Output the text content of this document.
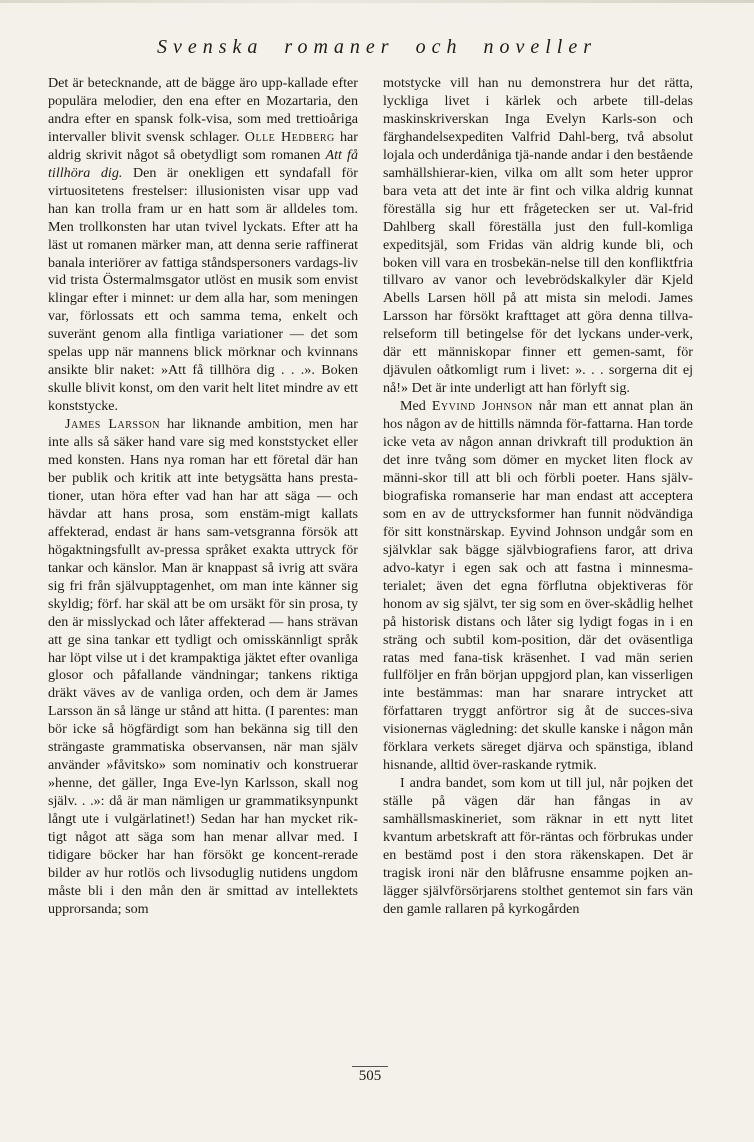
Svenska romaner och noveller

Det är betecknande, att de bägge äro upp-kallade efter populära melodier, den ena efter en Mozartaria, den andra efter en spansk folk-visa, som med trettioåriga intervaller blivit svensk schlager. Olle Hedberg har aldrig skrivit något så obetydligt som romanen Att få tillhöra dig. Den är onekligen ett syndafall för virtuositetens frestelser: illusionisten visar upp vad han kan trolla fram ur en hatt som är alldeles tom. Men trollkonsten har utan tvivel lyckats. Efter att ha läst ut romanen märker man, att denna serie raffinerat banala interiörer av fattiga ståndspersoners vardags-liv vid trista Östermalmsgator utlöst en musik som envist klingar efter i minnet: ur dem alla har, som meningen var, förlossats ett och samma tema, enkelt och suveränt genom alla fintliga variationer — det som spelas upp när mannens blick mörknar och kvinnans ansikte blir naket: »Att få tillhöra dig . . .». Boken skulle blivit konst, om den varit helt litet mindre av ett konststycke.

James Larsson har liknande ambition, men har inte alls så säker hand vare sig med konststycket eller med konsten. Hans nya roman har ett företal där han ber publik och kritik att inte betygsätta hans presta-tioner, utan höra efter vad han har att säga — och hävdar att hans prosa, som enstäm-migt kallats affekterad, endast är hans sam-vetsgranna försök att högaktningsfullt av-pressa språket exakta uttryck för tankar och känslor. Man är knappast så ivrig att svära sig fri från självupptagenhet, om man inte känner sig skyldig; förf. har skäl att be om ursäkt för sin prosa, ty den är misslyckad och låter affekterad — hans strävan att ge sina tankar ett tydligt och omisskännligt språk har löpt vilse ut i det krampaktiga jäktet efter ovanliga glosor och påfallande vändningar; tankens riktiga dräkt väves av de vanliga orden, och dem är James Larsson än så länge ur stånd att hitta. (I parentes: man bör icke så högfärdigt som han bekänna sig till den strängaste grammatiska observansen, när man själv använder »fåvitsko» som nominativ och konstruerar »henne, det gäller, Inga Eve-lyn Karlsson, skall nog själv. . .»: då är man nämligen ur grammatiksynpunkt långt ute i vulgärlatinet!) Sedan har han mycket rik-tigt något att säga som han menar allvar med. I tidigare böcker har han försökt ge koncent-rerade bilder av hur rotlös och livsoduglig nutidens ungdom måste bli i den mån den är smittad av intellektets upprorsanda; som

motstycke vill han nu demonstrera hur det rätta, lyckliga livet i kärlek och arbete till-delas maskinskriverskan Inga Evelyn Karls-son och färghandelsexpediten Valfrid Dahl-berg, två absolut lojala och underdåniga tjä-nande andar i den bestående samhällshierar-kien, vilka om allt som heter uppror bara veta att det inte är fint och vilka aldrig kunnat föreställa sig hur ett frågetecken ser ut. Val-frid Dahlberg skall föreställa just den full-komliga expeditsjäl, som Fridas vän aldrig kunde bli, och boken vill vara en trosbekän-nelse till den konfliktfria tillvaro av vanor och levebrödskalkyler där Kjeld Abells Larsen höll på att mista sin melodi. James Larsson har försökt krafttaget att göra denna tillva-relseform till betingelse för det lyckans under-verk, där ett människopar finner ett gemen-samt, för djävulen oåtkomligt rum i livet: ». . . sorgerna dit ej nå!» Det är inte underligt att han förlyft sig.

Med Eyvind Johnson når man ett annat plan än hos någon av de hittills nämnda för-fattarna. Han torde icke veta av någon annan drivkraft till produktion än det inre tvång som dömer en mycket liten flock av männi-skor till att bli och förbli poeter. Hans själv-biografiska romanserie har man endast att acceptera som en av de uttrycksformer han funnit nödvändiga för sitt konstnärskap. Eyvind Johnson undgår som en självklar sak bägge självbiografiens faror, att driva advo-katyr i egen sak och att fastna i minnesma-terialet; även det egna förflutna objektiveras för honom av sig självt, ter sig som en över-skådlig helhet på historisk distans och låter sig lydigt fogas in i en sträng och subtil kom-position, där det oväsentliga ratas med fana-tisk kräsenhet. I vad män serien fullföljer en från början uppgjord plan, kan visserligen inte bestämmas: man har snarare intrycket att författaren tryggt anförtror sig åt de succes-siva visionernas vägledning: det skulle kanske i någon mån förklara verkets säreget djärva och spänstiga, ibland hisnande, alltid över-raskande rytmik.

I andra bandet, som kom ut till jul, når pojken det ställe på vägen där han fångas in av samhällsmaskineriet, som räknar in ett nytt litet kvantum arbetskraft att för-räntas och förbrukas under en bestämd post i den stora räkenskapen. Det är tragisk ironi när den blåfrusne ensamme pojken an-lägger självförsörjarens stolthet gentemot sin fars vän den gamle rallaren på kyrkogården

505
